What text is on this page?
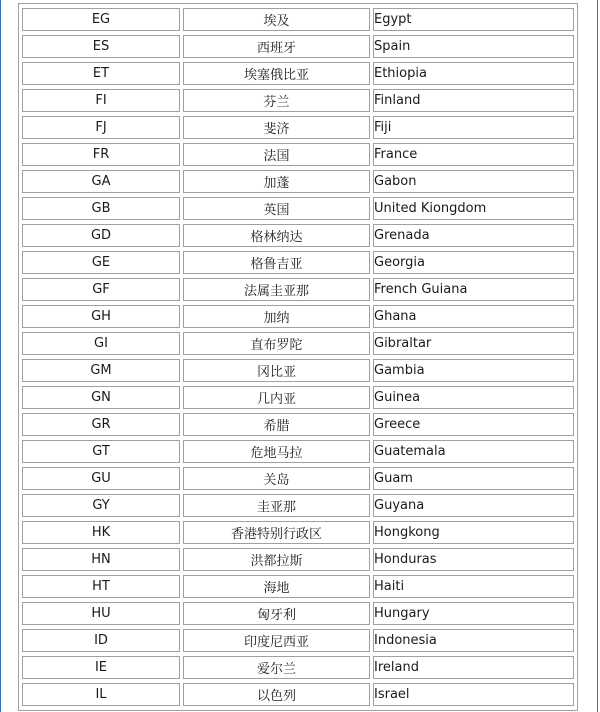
EG	埃及	Egypt
ES	西班牙	Spain
ET	埃塞俄比亚	Ethiopia
FI	芬兰	Finland
FJ	斐济	Fiji
FR	法国	France
GA	加蓬	Gabon
GB	英国	United Kiongdom
GD	格林纳达	Grenada
GE	格鲁吉亚	Georgia
GF	法属圭亚那	French Guiana
GH	加纳	Ghana
GI	直布罗陀	Gibraltar
GM	冈比亚	Gambia
GN	几内亚	Guinea
GR	希腊	Greece
GT	危地马拉	Guatemala
GU	关岛	Guam
GY	圭亚那	Guyana
HK	香港特别行政区	Hongkong
HN	洪都拉斯	Honduras
HT	海地	Haiti
HU	匈牙利	Hungary
ID	印度尼西亚	Indonesia
IE	爱尔兰	Ireland
IL	以色列	Israel
